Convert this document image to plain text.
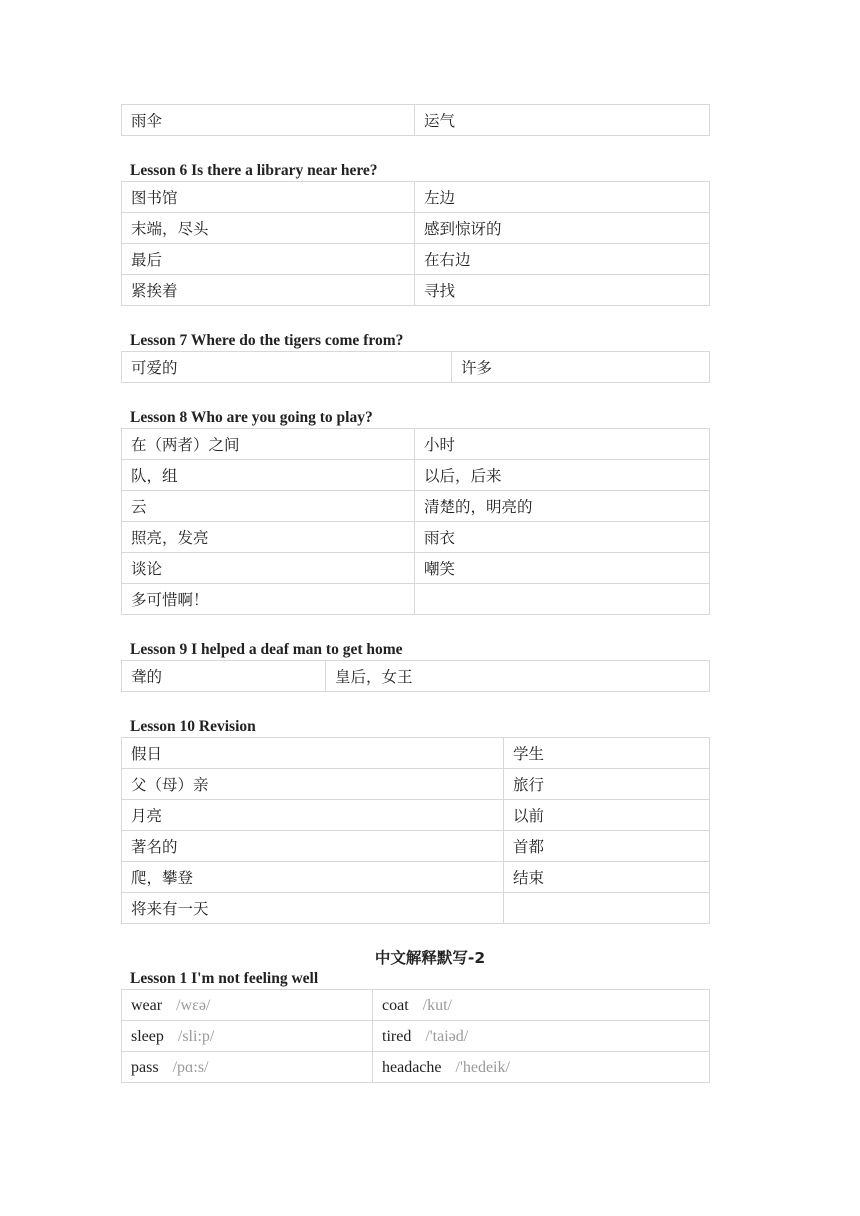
雨伞	运气
Lesson 6 Is there a library near here?
图书馆	左边
末端，尽头	感到惊讶的
最后	在右边
紧挨着	寻找
Lesson 7 Where do the tigers come from?
可爱的	许多
Lesson 8 Who are you going to play?
在（两者）之间	小时
队，组	以后，后来
云	清楚的，明亮的
照亮，发亮	雨衣
谈论	嘲笑
多可惜啊！	
Lesson 9 I helped a deaf man to get home
聋的	皇后，女王
Lesson 10 Revision
假日	学生
父（母）亲	旅行
月亮	以前
著名的	首都
爬，攀登	结束
将来有一天	
中文解释默写-2
Lesson 1 I'm not feeling well
wear /wεə/	coat /kut/
sleep /sli:p/	tired /'taiəd/
pass /pɑ:s/	headache /'hedeik/
